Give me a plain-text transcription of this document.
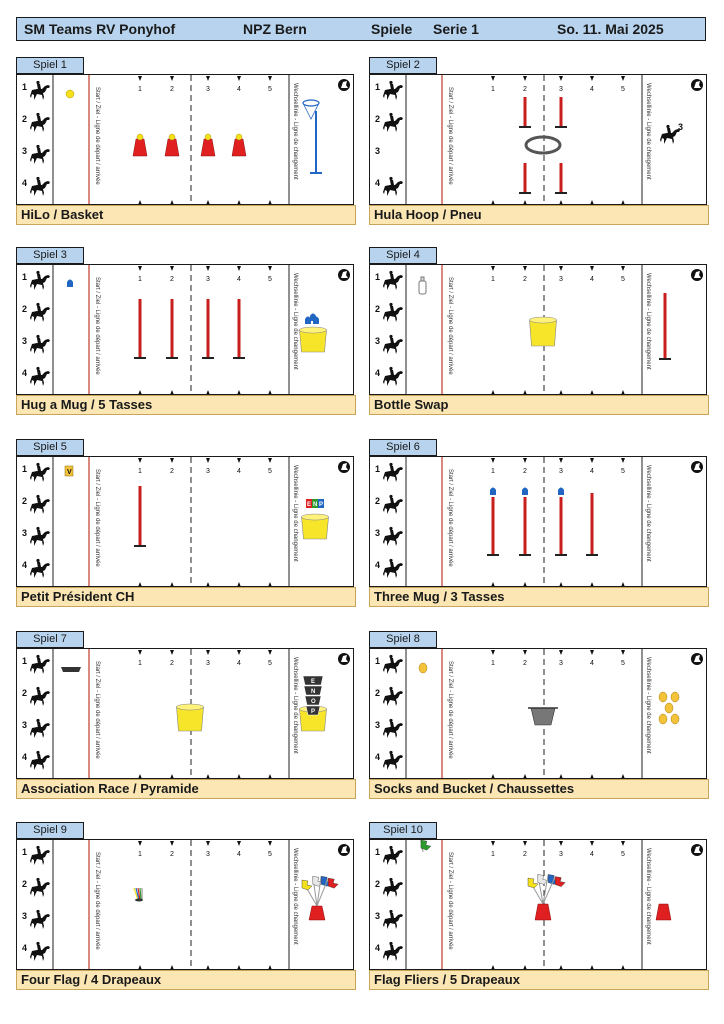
SM Teams RV Ponyhof	NPZ Bern	Spiele Serie 1	So. 11. Mai 2025
Spiel 1
Start / Ziel - Ligne de départ / arrivée	Wechsellinie - Ligne de changement
1	2	3	4	5
1
2
3
4
HiLo / Basket
Spiel 2
Start / Ziel - Ligne de départ / arrivée	Wechsellinie - Ligne de changement
1	2	3	4	5
1
2
3
4
3
Hula Hoop / Pneu
Spiel 3
Start / Ziel - Ligne de départ / arrivée	Wechsellinie - Ligne de changement
1	2	3	4	5
1
2
3
4
Hug a Mug / 5 Tasses
Spiel 4
Start / Ziel - Ligne de départ / arrivée	Wechsellinie - Ligne de changement
1	2	3	4	5
1
2
3
4
Bottle Swap
Spiel 5
Start / Ziel - Ligne de départ / arrivée	Wechsellinie - Ligne de changement
1	2	3	4	5
1
2
3
4
V
E N P
Petit Président CH
Spiel 6
Start / Ziel - Ligne de départ / arrivée	Wechsellinie - Ligne de changement
1	2	3	4	5
1
2
3
4
Three Mug / 3 Tasses
Spiel 7
Start / Ziel - Ligne de départ / arrivée	Wechsellinie - Ligne de changement
1	2	3	4	5
1
2
3
4
E
N
O
P
Association Race / Pyramide
Spiel 8
Start / Ziel - Ligne de départ / arrivée	Wechsellinie - Ligne de changement
1	2	3	4	5
1
2
3
4
Socks and Bucket / Chaussettes
Spiel 9
Start / Ziel - Ligne de départ / arrivée	Wechsellinie - Ligne de changement
1	2	3	4	5
1
2
3
4
Four Flag / 4 Drapeaux
Spiel 10
Start / Ziel - Ligne de départ / arrivée	Wechsellinie - Ligne de changement
1	2	3	4	5
1
2
3
4
Flag Fliers / 5 Drapeaux
